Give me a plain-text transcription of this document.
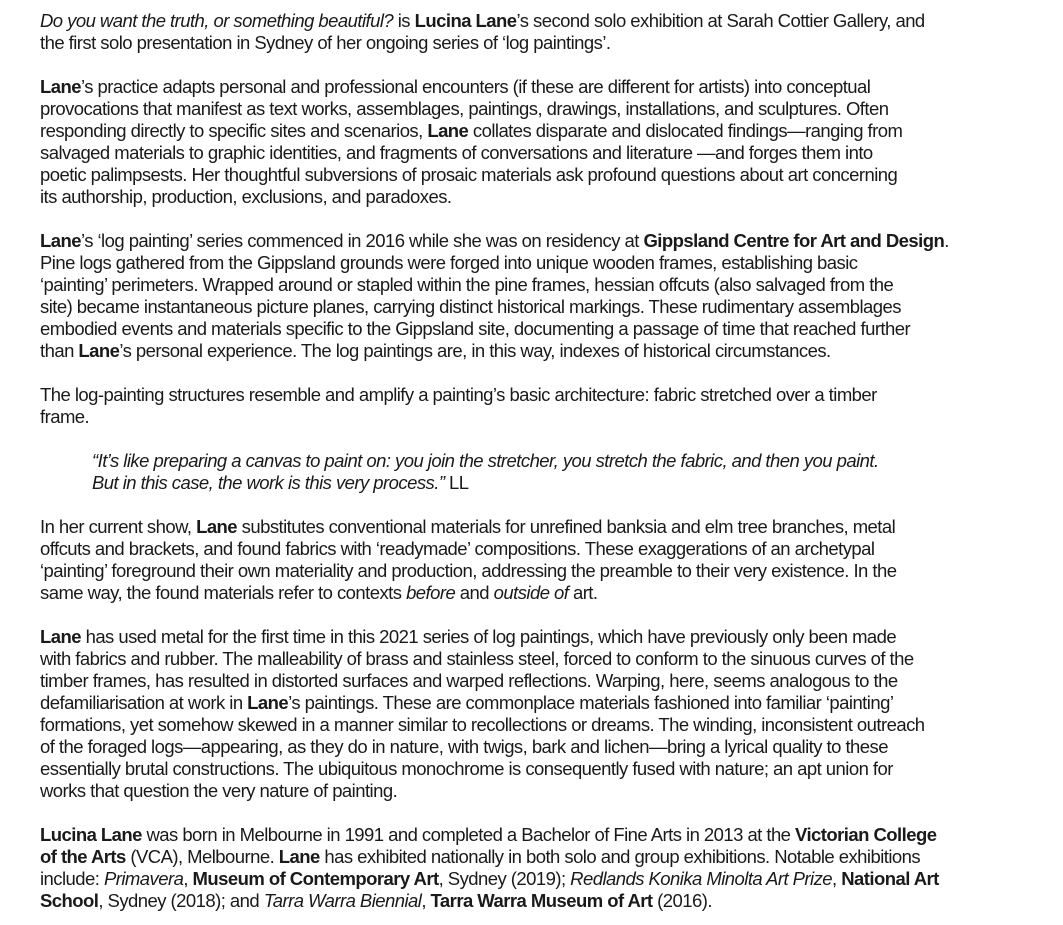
Do you want the truth, or something beautiful? is Lucina Lane’s second solo exhibition at Sarah Cottier Gallery, and
the first solo presentation in Sydney of her ongoing series of ‘log paintings’.

Lane’s practice adapts personal and professional encounters (if these are different for artists) into conceptual
provocations that manifest as text works, assemblages, paintings, drawings, installations, and sculptures. Often
responding directly to specific sites and scenarios, Lane collates disparate and dislocated findings—ranging from
salvaged materials to graphic identities, and fragments of conversations and literature —and forges them into
poetic palimpsests. Her thoughtful subversions of prosaic materials ask profound questions about art concerning
its authorship, production, exclusions, and paradoxes.

Lane’s ‘log painting’ series commenced in 2016 while she was on residency at Gippsland Centre for Art and Design.
Pine logs gathered from the Gippsland grounds were forged into unique wooden frames, establishing basic
‘painting’ perimeters. Wrapped around or stapled within the pine frames, hessian offcuts (also salvaged from the
site) became instantaneous picture planes, carrying distinct historical markings. These rudimentary assemblages
embodied events and materials specific to the Gippsland site, documenting a passage of time that reached further
than Lane’s personal experience. The log paintings are, in this way, indexes of historical circumstances.

The log-painting structures resemble and amplify a painting’s basic architecture: fabric stretched over a timber
frame.

“It’s like preparing a canvas to paint on: you join the stretcher, you stretch the fabric, and then you paint.
But in this case, the work is this very process.” LL

In her current show, Lane substitutes conventional materials for unrefined banksia and elm tree branches, metal
offcuts and brackets, and found fabrics with ‘readymade’ compositions. These exaggerations of an archetypal
‘painting’ foreground their own materiality and production, addressing the preamble to their very existence. In the
same way, the found materials refer to contexts before and outside of art.

Lane has used metal for the first time in this 2021 series of log paintings, which have previously only been made
with fabrics and rubber. The malleability of brass and stainless steel, forced to conform to the sinuous curves of the
timber frames, has resulted in distorted surfaces and warped reflections. Warping, here, seems analogous to the
defamiliarisation at work in Lane’s paintings. These are commonplace materials fashioned into familiar ‘painting’
formations, yet somehow skewed in a manner similar to recollections or dreams. The winding, inconsistent outreach
of the foraged logs—appearing, as they do in nature, with twigs, bark and lichen—bring a lyrical quality to these
essentially brutal constructions. The ubiquitous monochrome is consequently fused with nature; an apt union for
works that question the very nature of painting.

Lucina Lane was born in Melbourne in 1991 and completed a Bachelor of Fine Arts in 2013 at the Victorian College
of the Arts (VCA), Melbourne. Lane has exhibited nationally in both solo and group exhibitions. Notable exhibitions
include: Primavera, Museum of Contemporary Art, Sydney (2019); Redlands Konika Minolta Art Prize, National Art
School, Sydney (2018); and Tarra Warra Biennial, Tarra Warra Museum of Art (2016).
